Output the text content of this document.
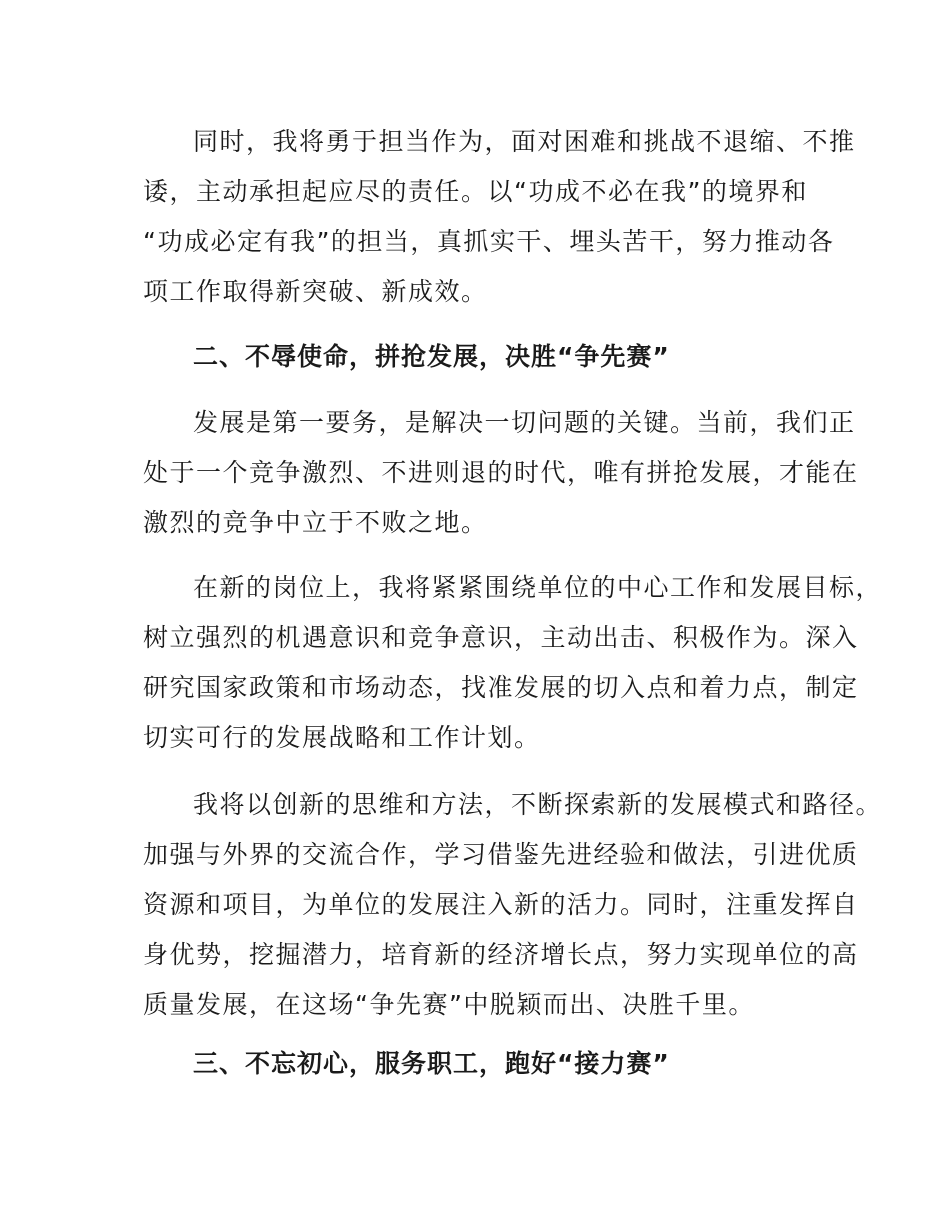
同时，我将勇于担当作为，面对困难和挑战不退缩、不推
诿，主动承担起应尽的责任。以“功成不必在我”的境界和
“功成必定有我”的担当，真抓实干、埋头苦干，努力推动各
项工作取得新突破、新成效。
二、不辱使命，拼抢发展，决胜“争先赛”
发展是第一要务，是解决一切问题的关键。当前，我们正
处于一个竞争激烈、不进则退的时代，唯有拼抢发展，才能在
激烈的竞争中立于不败之地。
在新的岗位上，我将紧紧围绕单位的中心工作和发展目标，
树立强烈的机遇意识和竞争意识，主动出击、积极作为。深入
研究国家政策和市场动态，找准发展的切入点和着力点，制定
切实可行的发展战略和工作计划。
我将以创新的思维和方法，不断探索新的发展模式和路径。
加强与外界的交流合作，学习借鉴先进经验和做法，引进优质
资源和项目，为单位的发展注入新的活力。同时，注重发挥自
身优势，挖掘潜力，培育新的经济增长点，努力实现单位的高
质量发展，在这场“争先赛”中脱颖而出、决胜千里。
三、不忘初心，服务职工，跑好“接力赛”
